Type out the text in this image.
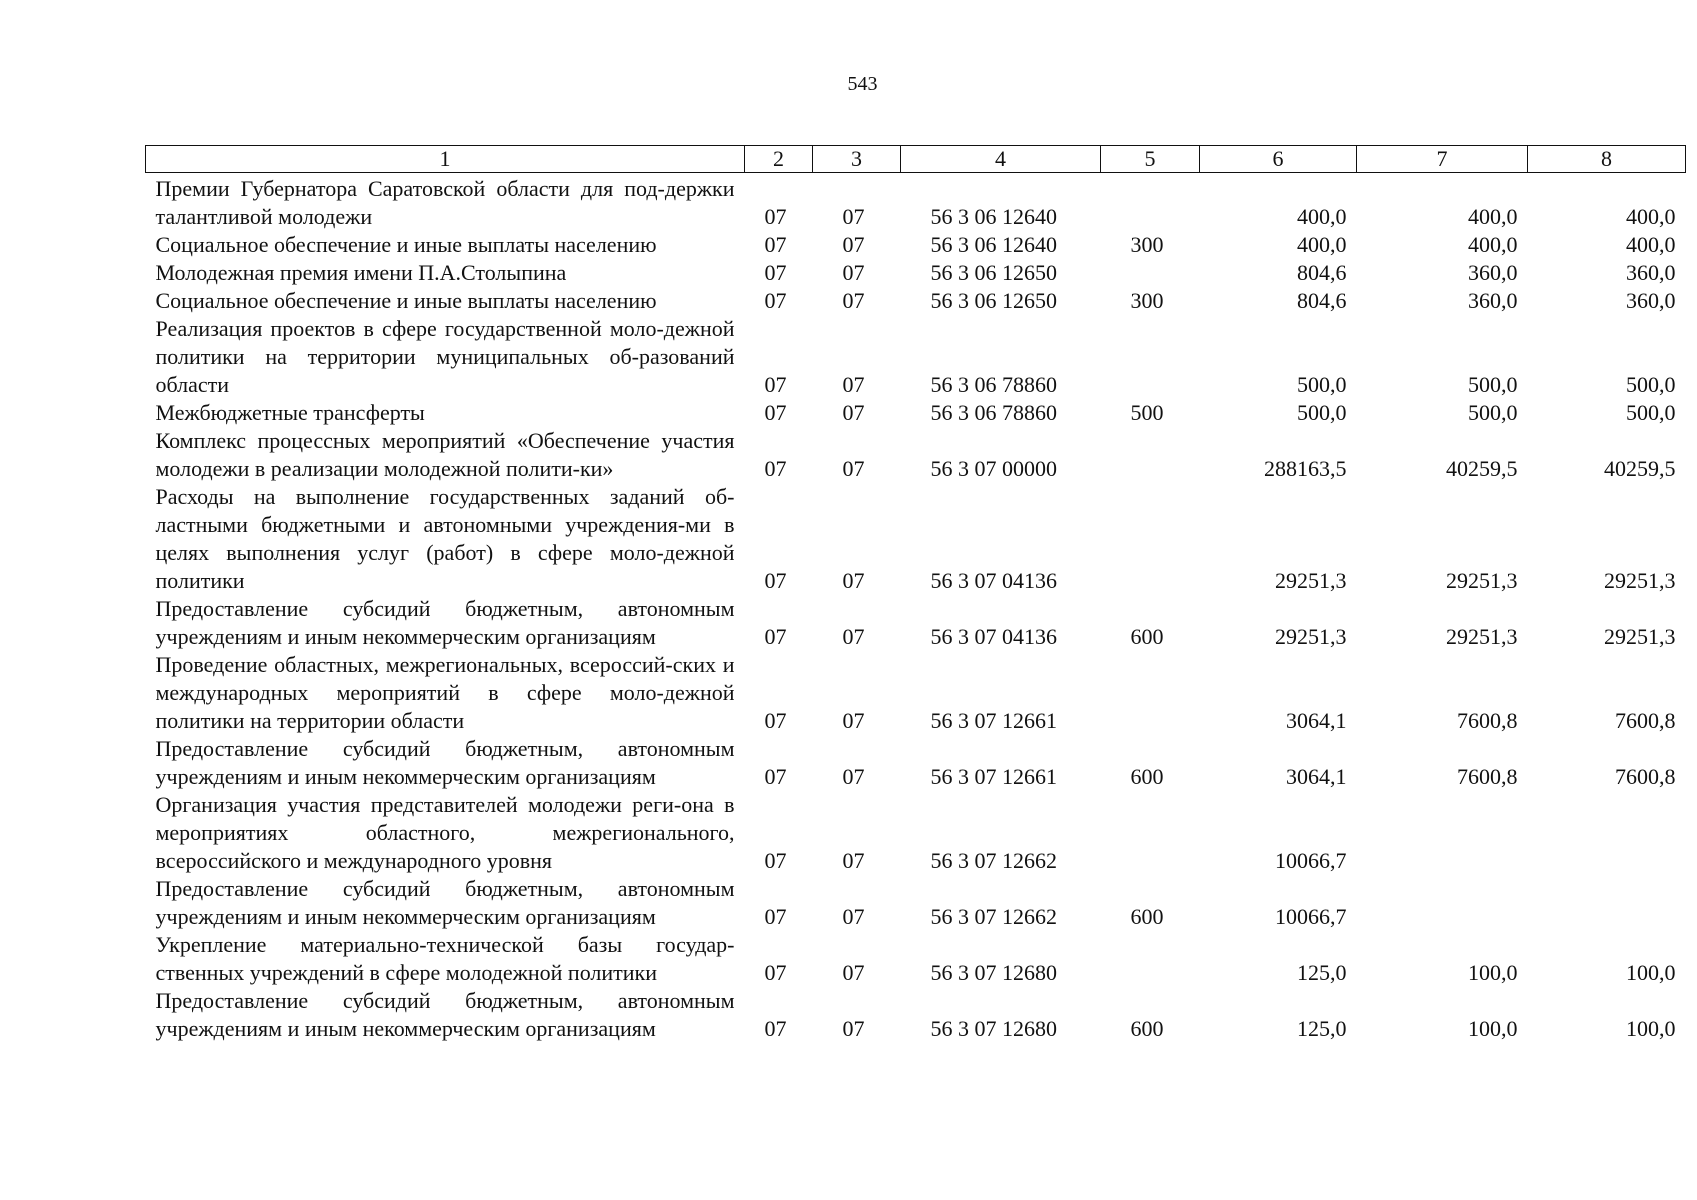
543
1	2	3	4	5	6	7	8
Премии Губернатора Саратовской области для под-держки талантливой молодежи	07	07	56 3 06 12640		400,0	400,0	400,0
Социальное обеспечение и иные выплаты населению	07	07	56 3 06 12640	300	400,0	400,0	400,0
Молодежная премия имени П.А.Столыпина	07	07	56 3 06 12650		804,6	360,0	360,0
Социальное обеспечение и иные выплаты населению	07	07	56 3 06 12650	300	804,6	360,0	360,0
Реализация проектов в сфере государственной моло-дежной политики на территории муниципальных об-разований области	07	07	56 3 06 78860		500,0	500,0	500,0
Межбюджетные трансферты	07	07	56 3 06 78860	500	500,0	500,0	500,0
Комплекс процессных мероприятий «Обеспечение участия молодежи в реализации молодежной полити-ки»	07	07	56 3 07 00000		288163,5	40259,5	40259,5
Расходы на выполнение государственных заданий об-ластными бюджетными и автономными учреждения-ми в целях выполнения услуг (работ) в сфере моло-дежной политики	07	07	56 3 07 04136		29251,3	29251,3	29251,3
Предоставление субсидий бюджетным, автономным учреждениям и иным некоммерческим организациям	07	07	56 3 07 04136	600	29251,3	29251,3	29251,3
Проведение областных, межрегиональных, всероссий-ских и международных мероприятий в сфере моло-дежной политики на территории области	07	07	56 3 07 12661		3064,1	7600,8	7600,8
Предоставление субсидий бюджетным, автономным учреждениям и иным некоммерческим организациям	07	07	56 3 07 12661	600	3064,1	7600,8	7600,8
Организация участия представителей молодежи реги-она в мероприятиях областного, межрегионального, всероссийского и международного уровня	07	07	56 3 07 12662		10066,7		
Предоставление субсидий бюджетным, автономным учреждениям и иным некоммерческим организациям	07	07	56 3 07 12662	600	10066,7		
Укрепление материально-технической базы государ-ственных учреждений в сфере молодежной политики	07	07	56 3 07 12680		125,0	100,0	100,0
Предоставление субсидий бюджетным, автономным учреждениям и иным некоммерческим организациям	07	07	56 3 07 12680	600	125,0	100,0	100,0
